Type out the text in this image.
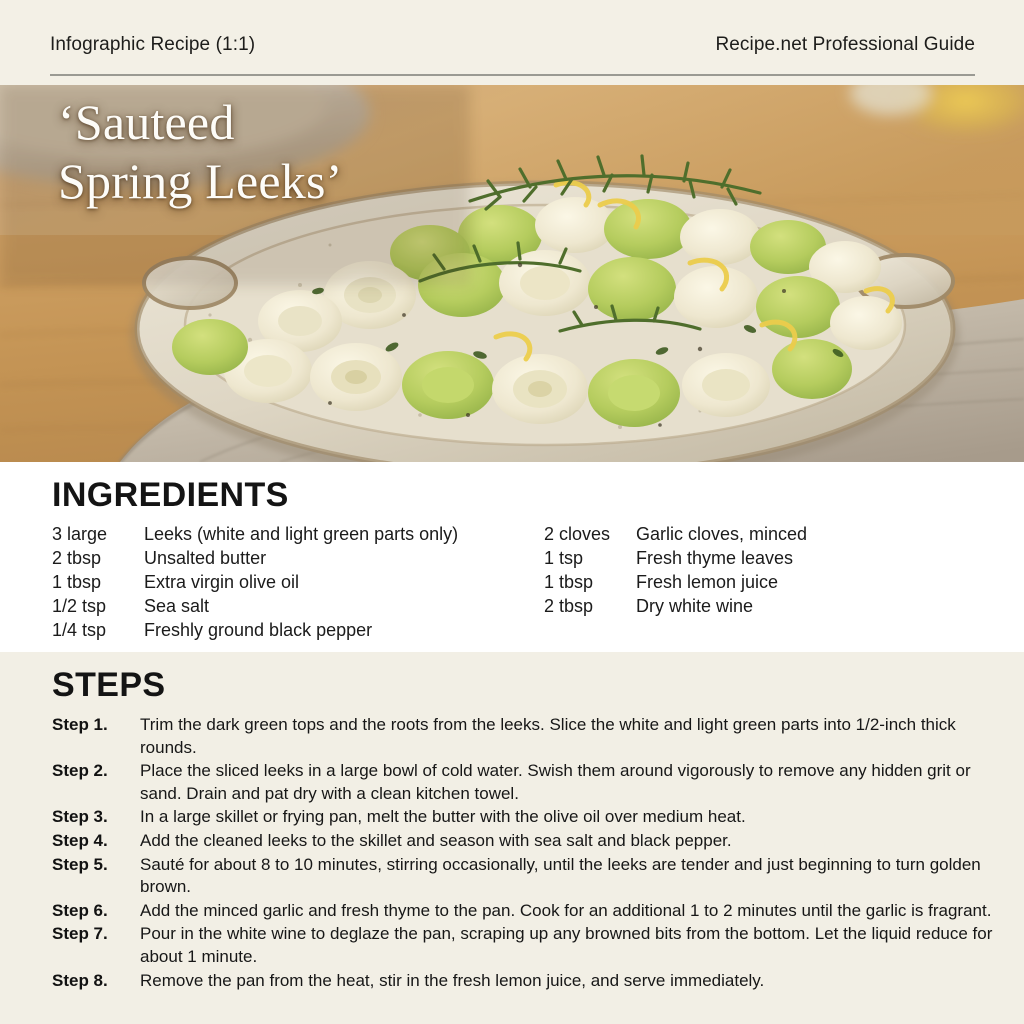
Infographic Recipe (1:1)	Recipe.net Professional Guide
‘Sauteed
Spring Leeks’
INGREDIENTS
3 large	Leeks (white and light green parts only)
2 tbsp	Unsalted butter
1 tbsp	Extra virgin olive oil
1/2 tsp	Sea salt
1/4 tsp	Freshly ground black pepper
2 cloves	Garlic cloves, minced
1 tsp	Fresh thyme leaves
1 tbsp	Fresh lemon juice
2 tbsp	Dry white wine
STEPS
Step 1.	Trim the dark green tops and the roots from the leeks. Slice the white and light green parts into 1/2-inch thick rounds.
Step 2.	Place the sliced leeks in a large bowl of cold water. Swish them around vigorously to remove any hidden grit or sand. Drain and pat dry with a clean kitchen towel.
Step 3.	In a large skillet or frying pan, melt the butter with the olive oil over medium heat.
Step 4.	Add the cleaned leeks to the skillet and season with sea salt and black pepper.
Step 5.	Sauté for about 8 to 10 minutes, stirring occasionally, until the leeks are tender and just beginning to turn golden brown.
Step 6.	Add the minced garlic and fresh thyme to the pan. Cook for an additional 1 to 2 minutes until the garlic is fragrant.
Step 7.	Pour in the white wine to deglaze the pan, scraping up any browned bits from the bottom. Let the liquid reduce for about 1 minute.
Step 8.	Remove the pan from the heat, stir in the fresh lemon juice, and serve immediately.
